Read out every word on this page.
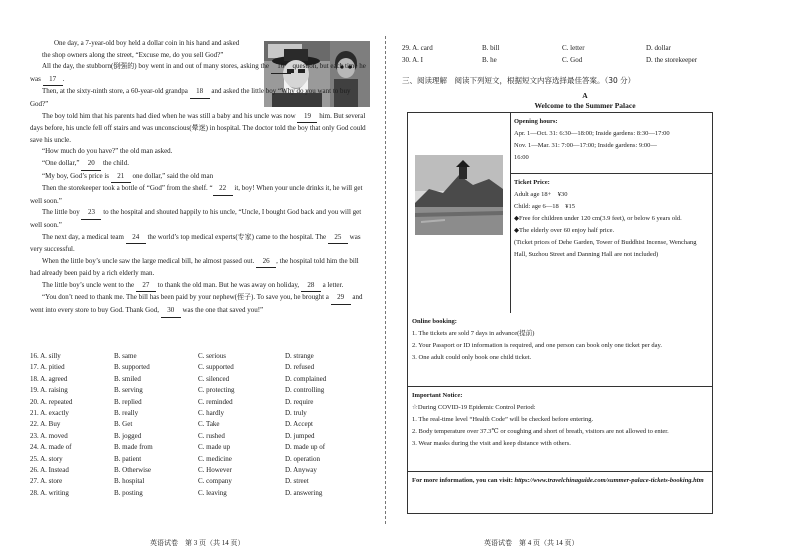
One day, a 7-year-old boy held a dollar coin in his hand and asked the shop owners along the street, “Excuse me, do you sell God?”

All the day, the stubborn(倒强的) boy went in and out of many stores, asking the 16 question, but each time he was 17 .

Then, at the sixty-ninth store, a 60-year-old grandpa 18 and asked the little boy “Why do you want to buy God?”

The boy told him that his parents had died when he was still a baby and his uncle was now 19 him. But several days before, his uncle fell off stairs and was unconscious(晕迷) in hospital. The doctor told the boy that only God could save his uncle.

“How much do you have?” the old man asked.

“One dollar,” 20 the child.

“My boy, God’s price is 21 one dollar,” said the old man

Then the storekeeper took a bottle of “God” from the shelf. “ 22 it, boy! When your uncle drinks it, he will get well soon.”

The little boy 23 to the hospital and shouted happily to his uncle, “Uncle, I bought God back and you will get well soon.”

The next day, a medical team 24 the world’s top medical experts(专家) came to the hospital. The 25 was very successful.

When the little boy’s uncle saw the large medical bill, he almost passed out. 26 , the hospital told him the bill had already been paid by a rich elderly man.

The little boy’s uncle went to the 27 to thank the old man. But he was away on holiday, 28 a letter.

“You don’t need to thank me. The bill has been paid by your nephew(侄子). To save you, he brought a 29 and went into every store to buy God. Thank God, 30 was the one that saved you!”

16. A. silly	B. same	C. serious	D. strange
17. A. pitied	B. supported	C. supported	D. refused
18. A. agreed	B. smiled	C. silenced	D. complained
19. A. raising	B. serving	C. protecting	D. controlling
20. A. repeated	B. replied	C. reminded	D. require
21. A. exactly	B. really	C. hardly	D. truly
22. A. Buy	B. Get	C. Take	D. Accept
23. A. moved	B. jogged	C. rushed	D. jumped
24. A. made of	B. made from	C. made up	D. made up of
25. A. story	B. patient	C. medicine	D. operation
26. A. Instead	B. Otherwise	C. However	D. Anyway
27. A. store	B. hospital	C. company	D. street
28. A. writing	B. posting	C. leaving	D. answering
英语试卷　第 3 页（共 14 页）
29. A. card	B. bill	C. letter	D. dollar
30. A. I	B. he	C. God	D. the storekeeper
三、阅读理解　阅读下列短文，根据短文内容选择最佳答案。（30 分）
A
Welcome to the Summer Palace
Opening hours:
Apr. 1—Oct. 31: 6:30—18:00; Inside gardens: 8:30—17:00
Nov. 1—Mar. 31: 7:00—17:00; Inside gardens: 9:00—
16:00
Ticket Price:
Adult age 18+　¥30
Child: age 6—18　¥15
◆Free for children under 120 cm(3.9 feet), or below 6 years old.
◆The elderly over 60 enjoy half price.
(Ticket prices of Dehe Garden, Tower of Buddhist Incense, Wenchang Hall, Suzhou Street and Danning Hall are not included)
Online booking:
1. The tickets are sold 7 days in advance(提前)
2. Your Passport or ID information is required, and one person can book only one ticket per day.
3. One adult could only book one child ticket.
Important Notice:
☆During COVID-19 Epidemic Control Period:
1. The real-time level “Health Code” will be checked before entering.
2. Body temperature over 37.3℃ or coughing and short of breath, visitors are not allowed to enter.
3. Wear masks during the visit and keep distance with others.
For more information, you can visit: https://www.travelchinaguide.com/summer-palace-tickets-booking.htm
英语试卷　第 4 页（共 14 页）
